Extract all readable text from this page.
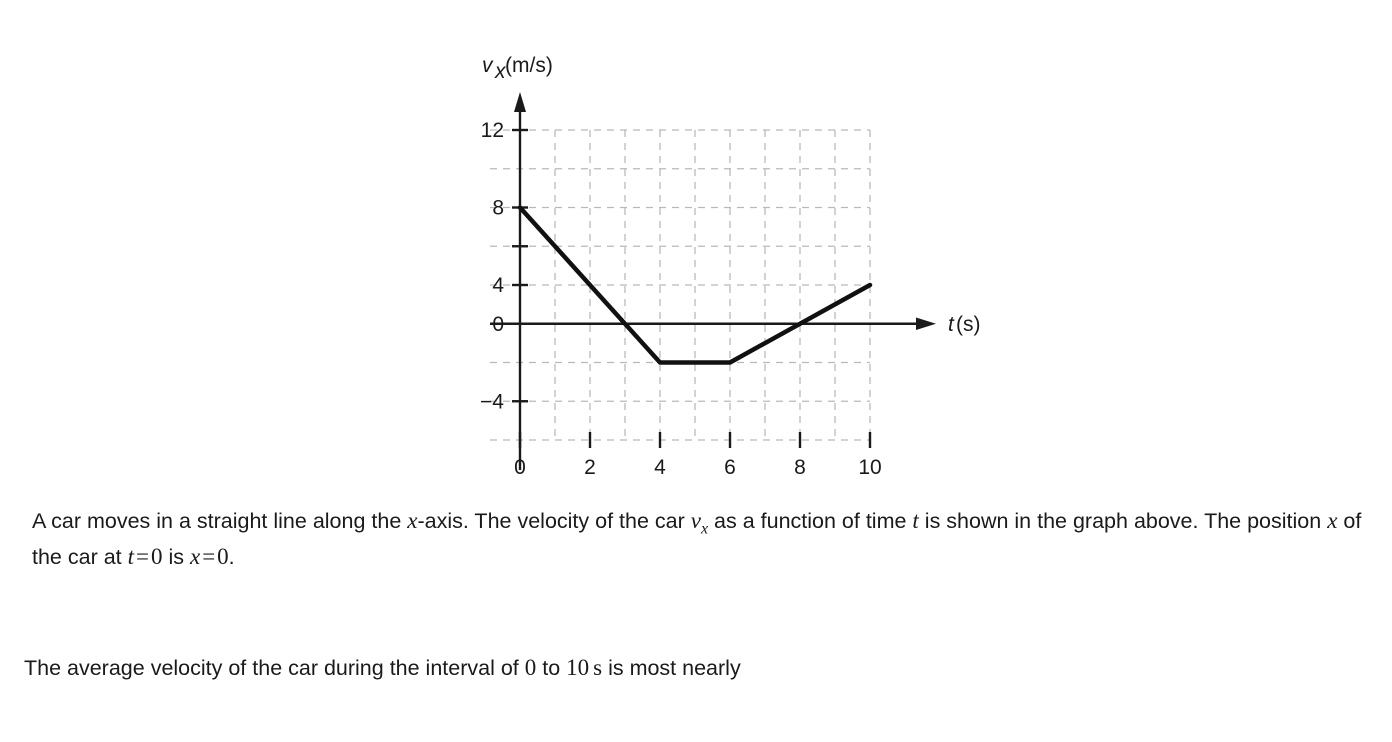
12
8
4
0
−4
0	2	4	6	8 10
v x (m/s)
t (s)
A car moves in a straight line along the x-axis. The velocity of the car $v_x$ as a function of time t is shown in the graph above. The position x of the car at t=0 is x=0.
The average velocity of the car during the interval of 0 to 10 s is most nearly
